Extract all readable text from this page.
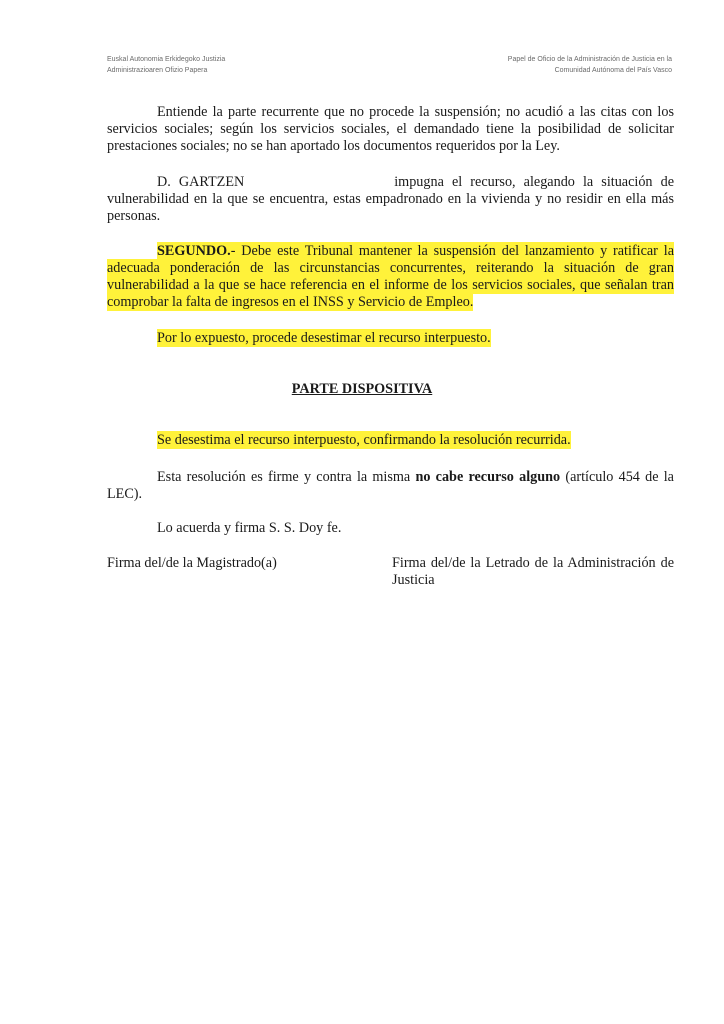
Euskal Autonomia Erkidegoko Justizia
Administrazioaren Ofizio Papera
Papel de Oficio de la Administración de Justicia en la
Comunidad Autónoma del País Vasco

Entiende la parte recurrente que no procede la suspensión; no acudió a las citas con los servicios sociales; según los servicios sociales, el demandado tiene la posibilidad de solicitar prestaciones sociales; no se han aportado los documentos requeridos por la Ley.

D. GARTZEN	impugna el recurso, alegando la situación de vulnerabilidad en la que se encuentra, estas empadronado en la vivienda y no residir en ella más personas.

SEGUNDO.- Debe este Tribunal mantener la suspensión del lanzamiento y ratificar la adecuada ponderación de las circunstancias concurrentes, reiterando la situación de gran vulnerabilidad a la que se hace referencia en el informe de los servicios sociales, que señalan tran comprobar la falta de ingresos en el INSS y Servicio de Empleo.

Por lo expuesto, procede desestimar el recurso interpuesto.

PARTE DISPOSITIVA

Se desestima el recurso interpuesto, confirmando la resolución recurrida.

Esta resolución es firme y contra la misma no cabe recurso alguno (artículo 454 de la LEC).

Lo acuerda y firma S. S. Doy fe.

Firma del/de la Magistrado(a)	Firma del/de la Letrado de la Administración de Justicia
